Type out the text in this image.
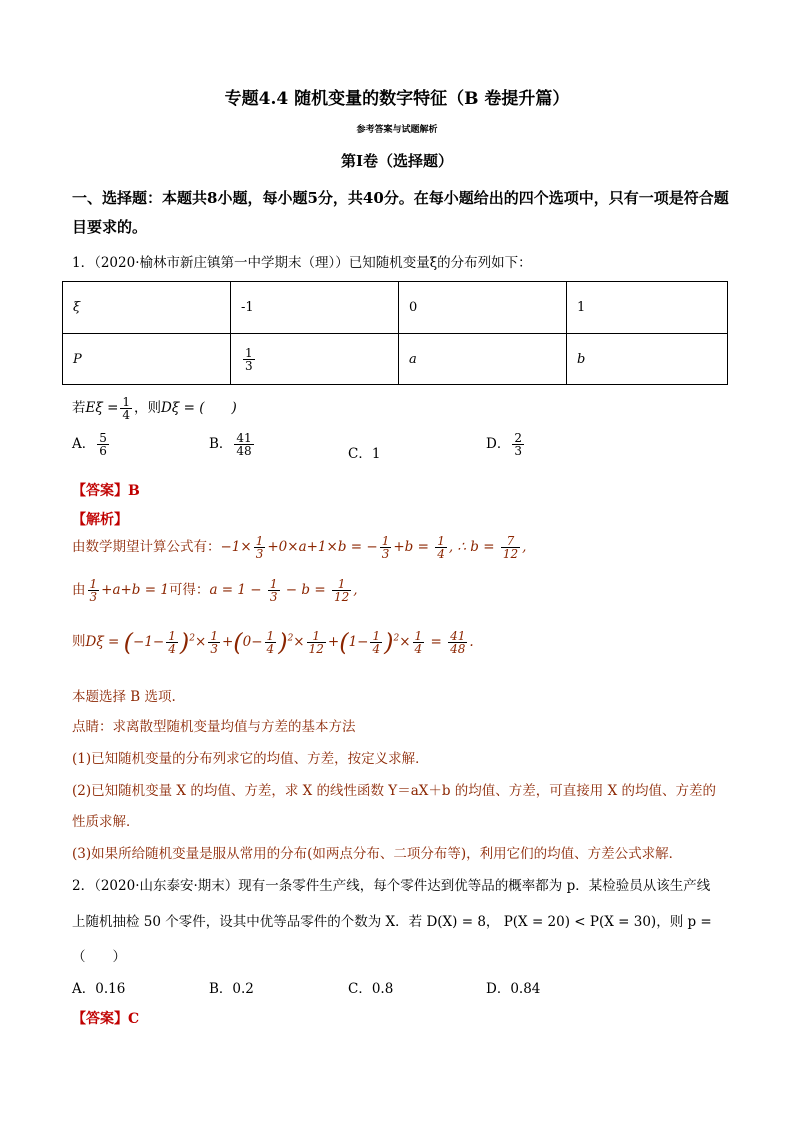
专题4.4 随机变量的数字特征（B 卷提升篇）
参考答案与试题解析
第Ⅰ卷（选择题）
一、选择题：本题共8小题，每小题5分，共40分。在每小题给出的四个选项中，只有一项是符合题目要求的。
1．（2020·榆林市新庄镇第一中学期末（理））已知随机变量ξ的分布列如下：
ξ	-1	0	1
P	$\frac{1}{3}$	a	b
若$E\xi = \frac{1}{4}$ ，则Dξ = (　　)
A． $\frac{5}{6}$	B． $\frac{41}{48}$	C．1
D． $\frac{2}{3}$
【答案】B
【解析】
由数学期望计算公式有：$-1\times \frac{1}{3} +0\times a+1\times b$ = − $\frac{1}{3} +b = \frac{1}{4}$ , ∴ $b = \frac{7}{12}$ ,
由 $\frac{1}{3} +a+b = 1$可得：$a = 1 - \frac{1}{3} - b = \frac{1}{12}$ ,
则$D\xi = (-1- \frac{1}{4} )^2\times \frac{1}{3} +(0- \frac{1}{4} )^2\times \frac{1}{12} +(1- \frac{1}{4} )^2\times \frac{1}{4} = \frac{41}{48}$ .
本题选择 B 选项.
点睛：求离散型随机变量均值与方差的基本方法
(1)已知随机变量的分布列求它的均值、方差，按定义求解．
(2)已知随机变量 X 的均值、方差，求 X 的线性函数 Y＝aX＋b 的均值、方差，可直接用 X 的均值、方差的
性质求解．
(3)如果所给随机变量是服从常用的分布(如两点分布、二项分布等)，利用它们的均值、方差公式求解．
2．（2020·山东泰安·期末）现有一条零件生产线，每个零件达到优等品的概率都为 p．某检验员从该生产线
上随机抽检 50 个零件，设其中优等品零件的个数为 X．若 D(X) = 8， P(X = 20) < P(X = 30)，则 p =
（　　）
A．0.16	B．0.2	C．0.8	D．0.84
【答案】C
